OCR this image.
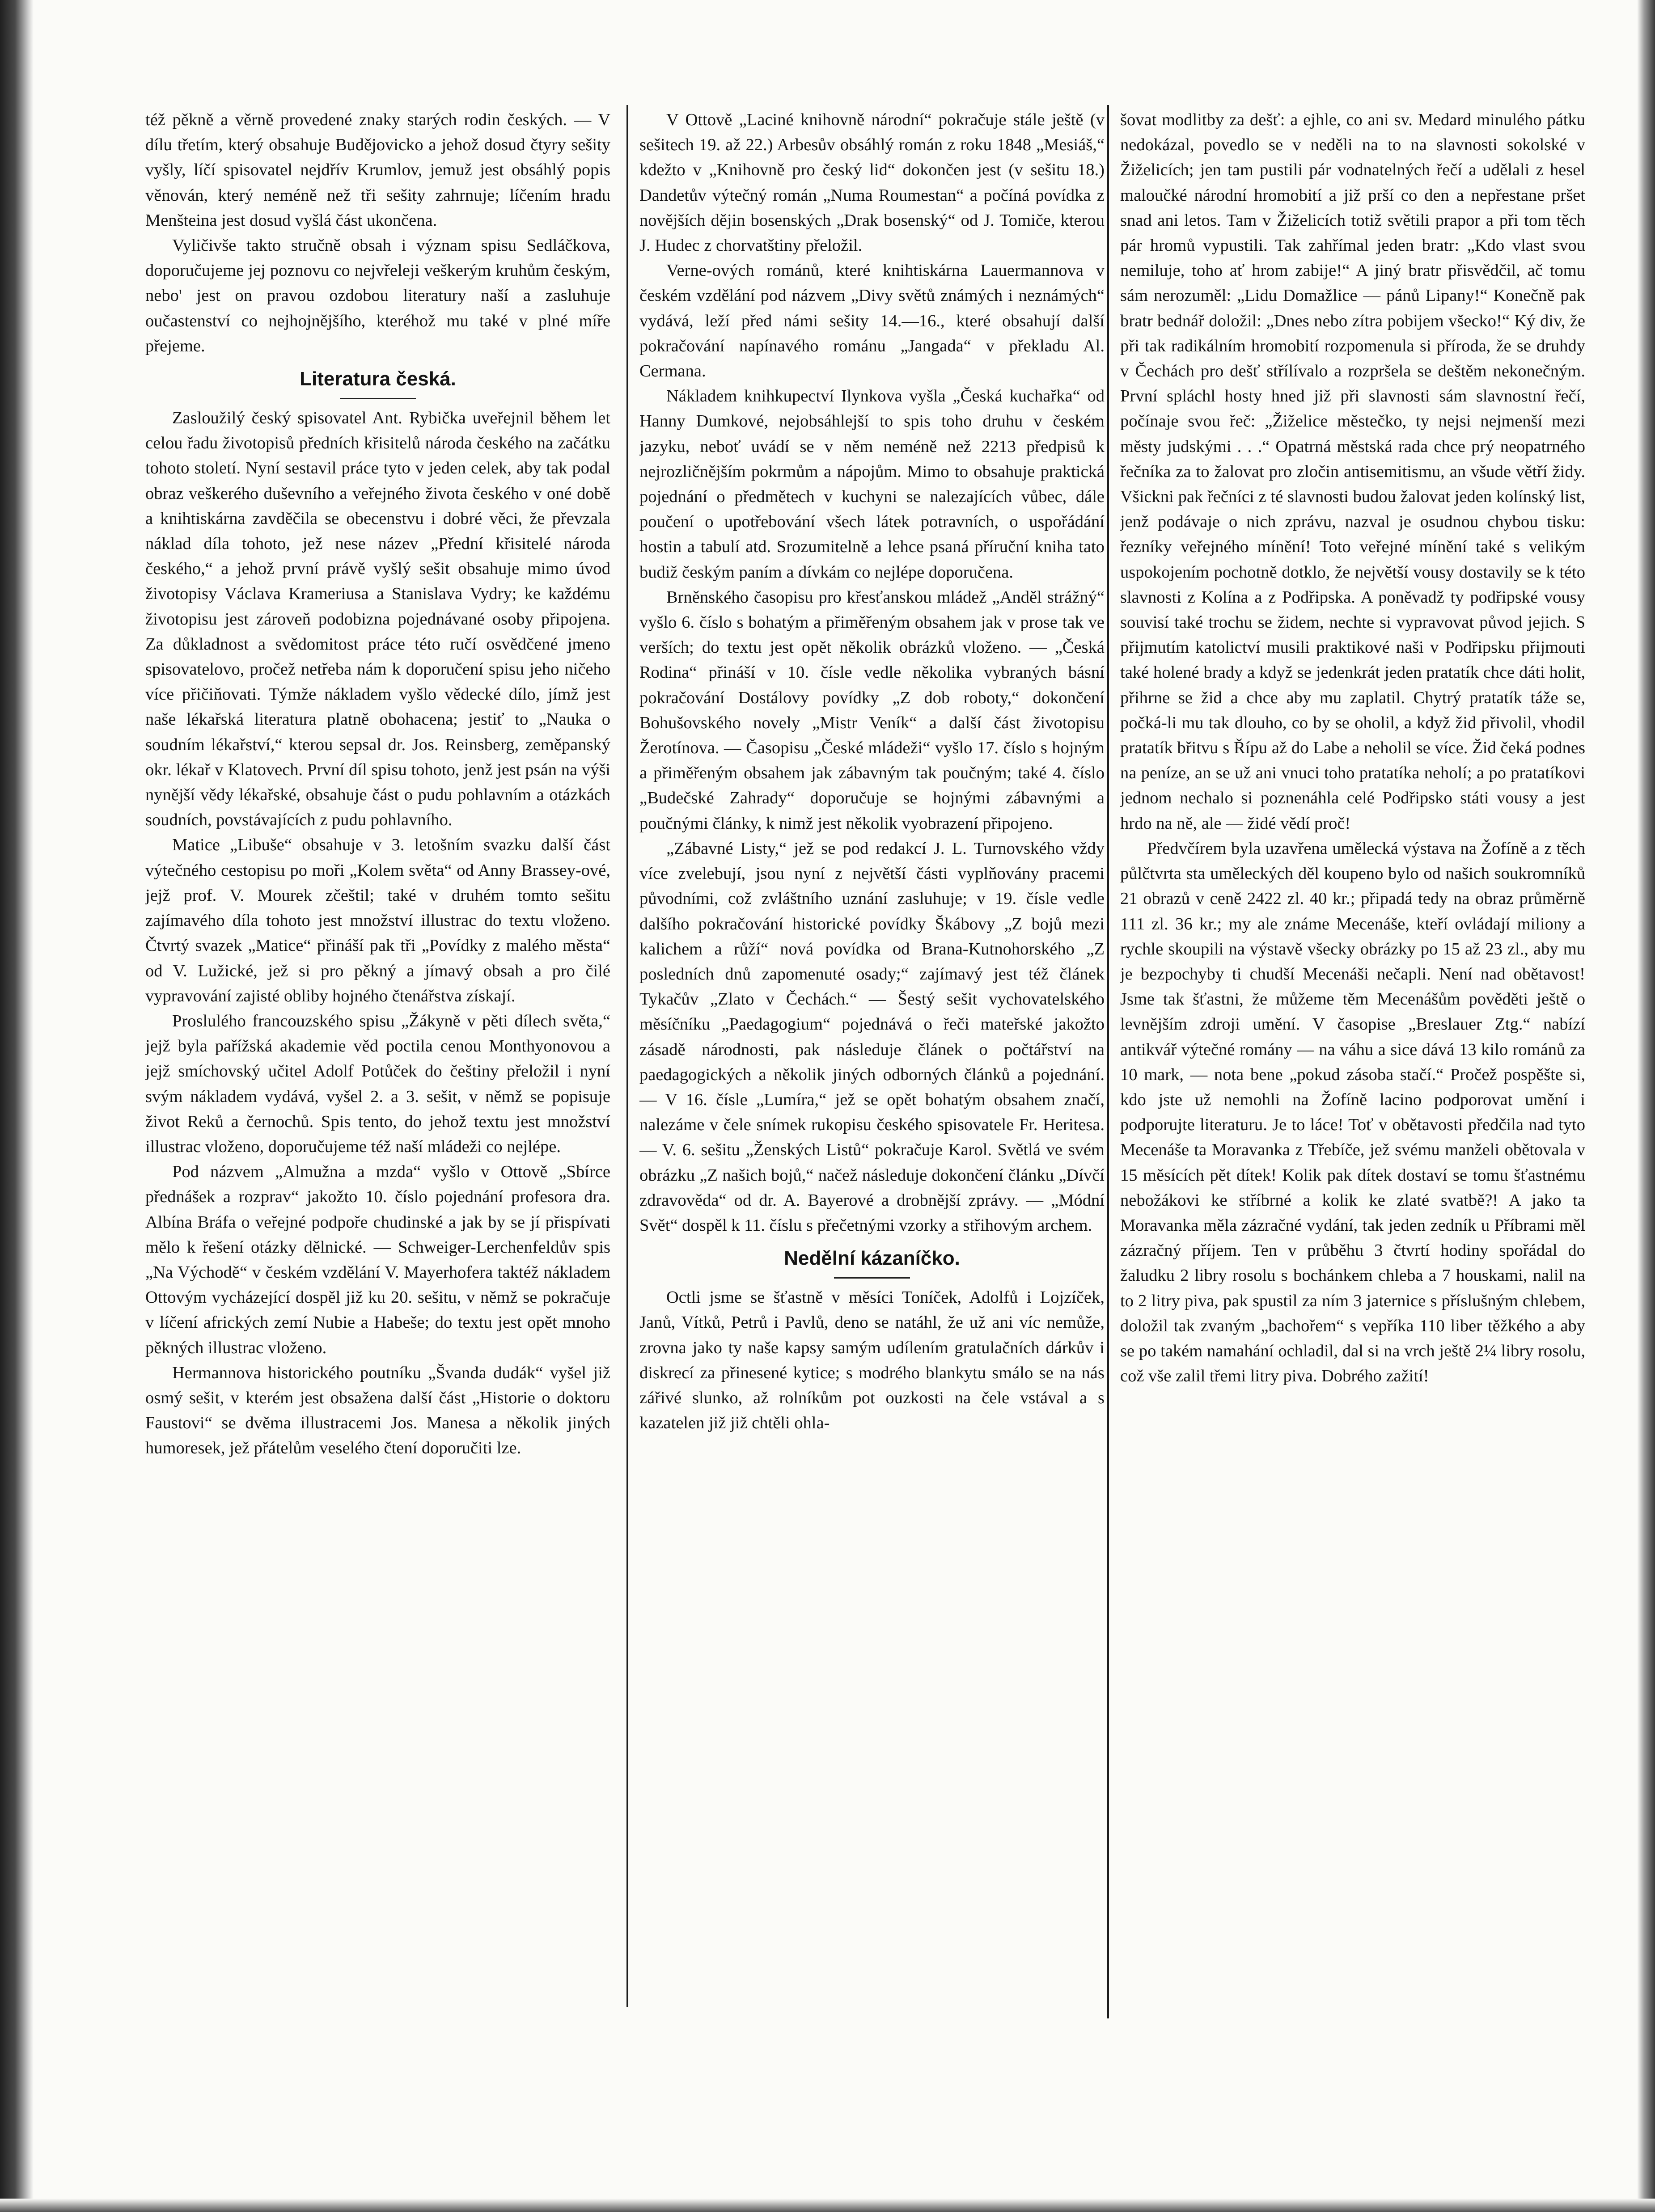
též pěkně a věrně provedené znaky starých rodin českých. — V dílu třetím, který obsahuje Budějovicko a jehož dosud čtyry sešity vyšly, líčí spisovatel nejdřív Krumlov, jemuž jest obsáhlý popis věnován, který neméně než tři sešity zahrnuje; líčením hradu Menšteina jest dosud vyšlá část ukončena.

Vyličivše takto stručně obsah i význam spisu Sedláčkova, doporučujeme jej poznovu co nejvřeleji veškerým kruhům českým, nebo' jest on pravou ozdobou literatury naší a zasluhuje oučastenství co nejhojnějšího, kteréhož mu také v plné míře přejeme.

Literatura česká.

Zasloužilý český spisovatel Ant. Rybička uveřejnil během let celou řadu životopisů předních křisitelů národa českého na začátku tohoto století. Nyní sestavil práce tyto v jeden celek, aby tak podal obraz veškerého duševního a veřejného života českého v oné době a knihtiskárna zavděčila se obecenstvu i dobré věci, že převzala náklad díla tohoto, jež nese název „Přední křisitelé národa českého,“ a jehož první právě vyšlý sešit obsahuje mimo úvod životopisy Václava Krameriusa a Stanislava Vydry; ke každému životopisu jest zároveň podobizna pojednávané osoby připojena. Za důkladnost a svědomitost práce této ručí osvědčené jmeno spisovatelovo, pročež netřeba nám k doporučení spisu jeho ničeho více přičiňovati. Týmže nákladem vyšlo vědecké dílo, jímž jest naše lékařská literatura platně obohacena; jestiť to „Nauka o soudním lékařství,“ kterou sepsal dr. Jos. Reinsberg, zeměpanský okr. lékař v Klatovech. První díl spisu tohoto, jenž jest psán na výši nynější vědy lékařské, obsahuje část o pudu pohlavním a otázkách soudních, povstávajících z pudu pohlavního.

Matice „Libuše“ obsahuje v 3. letošním svazku další část výtečného cestopisu po moři „Kolem světa“ od Anny Brassey-ové, jejž prof. V. Mourek zčeštil; také v druhém tomto sešitu zajímavého díla tohoto jest množství illustrac do textu vloženo. Čtvrtý svazek „Matice“ přináší pak tři „Povídky z malého města“ od V. Lužické, jež si pro pěkný a jímavý obsah a pro čilé vypravování zajisté obliby hojného čtenářstva získají.

Proslulého francouzského spisu „Žákyně v pěti dílech světa,“ jejž byla pařížská akademie věd poctila cenou Monthyonovou a jejž smíchovský učitel Adolf Potůček do češtiny přeložil i nyní svým nákladem vydává, vyšel 2. a 3. sešit, v němž se popisuje život Reků a černochů. Spis tento, do jehož textu jest množství illustrac vloženo, doporučujeme též naší mládeži co nejlépe.

Pod názvem „Almužna a mzda“ vyšlo v Ottově „Sbírce přednášek a rozprav“ jakožto 10. číslo pojednání profesora dra. Albína Bráfa o veřejné podpoře chudinské a jak by se jí přispívati mělo k řešení otázky dělnické. — Schweiger-Lerchenfeldův spis „Na Východě“ v českém vzdělání V. Mayerhofera taktéž nákladem Ottovým vycházející dospěl již ku 20. sešitu, v němž se pokračuje v líčení afrických zemí Nubie a Habeše; do textu jest opět mnoho pěkných illustrac vloženo.

Hermannova historického poutníku „Švanda dudák“ vyšel již osmý sešit, v kterém jest obsažena další část „Historie o doktoru Faustovi“ se dvěma illustracemi Jos. Manesa a několik jiných humoresek, jež přátelům veselého čtení doporučiti lze.

V Ottově „Laciné knihovně národní“ pokračuje stále ještě (v sešitech 19. až 22.) Arbesův obsáhlý román z roku 1848 „Mesiáš,“ kdežto v „Knihovně pro český lid“ dokončen jest (v sešitu 18.) Dandetův výtečný román „Numa Roumestan“ a počíná povídka z novějších dějin bosenských „Drak bosenský“ od J. Tomiče, kterou J. Hudec z chorvatštiny přeložil.

Verne-ových románů, které knihtiskárna Lauermannova v českém vzdělání pod názvem „Divy světů známých i neznámých“ vydává, leží před námi sešity 14.—16., které obsahují další pokračování napínavého románu „Jangada“ v překladu Al. Cermana.

Nákladem knihkupectví Ilynkova vyšla „Česká kuchařka“ od Hanny Dumkové, nejobsáhlejší to spis toho druhu v českém jazyku, neboť uvádí se v něm neméně než 2213 předpisů k nejrozličnějším pokrmům a nápojům. Mimo to obsahuje praktická pojednání o předmětech v kuchyni se nalezajících vůbec, dále poučení o upotřebování všech látek potravních, o uspořádání hostin a tabulí atd. Srozumitelně a lehce psaná příruční kniha tato budiž českým paním a dívkám co nejlépe doporučena.

Brněnského časopisu pro křesťanskou mládež „Anděl strážný“ vyšlo 6. číslo s bohatým a přiměřeným obsahem jak v prose tak ve verších; do textu jest opět několik obrázků vloženo. — „Česká Rodina“ přináší v 10. čísle vedle několika vybraných básní pokračování Dostálovy povídky „Z dob roboty,“ dokončení Bohušovského novely „Mistr Veník“ a další část životopisu Žerotínova. — Časopisu „České mládeži“ vyšlo 17. číslo s hojným a přiměřeným obsahem jak zábavným tak poučným; také 4. číslo „Budečské Zahrady“ doporučuje se hojnými zábavnými a poučnými články, k nimž jest několik vyobrazení připojeno.

„Zábavné Listy,“ jež se pod redakcí J. L. Turnovského vždy více zvelebují, jsou nyní z největší části vyplňovány pracemi původními, což zvláštního uznání zasluhuje; v 19. čísle vedle dalšího pokračování historické povídky Škábovy „Z bojů mezi kalichem a růží“ nová povídka od Brana-Kutnohorského „Z posledních dnů zapomenuté osady;“ zajímavý jest též článek Tykačův „Zlato v Čechách.“ — Šestý sešit vychovatelského měsíčníku „Paedagogium“ pojednává o řeči mateřské jakožto zásadě národnosti, pak následuje článek o počtářství na paedagogických a několik jiných odborných článků a pojednání. — V 16. čísle „Lumíra,“ jež se opět bohatým obsahem značí, nalezáme v čele snímek rukopisu českého spisovatele Fr. Heritesa. — V. 6. sešitu „Ženských Listů“ pokračuje Karol. Světlá ve svém obrázku „Z našich bojů,“ načež následuje dokončení článku „Dívčí zdravověda“ od dr. A. Bayerové a drobnější zprávy. — „Módní Svět“ dospěl k 11. číslu s přečetnými vzorky a střihovým archem.

Nedělní kázaníčko.

Octli jsme se šťastně v měsíci Toníček, Adolfů i Lojzíček, Janů, Vítků, Petrů i Pavlů, deno se natáhl, že už ani víc nemůže, zrovna jako ty naše kapsy samým udílením gratulačních dárkův i diskrecí za přinesené kytice; s modrého blankytu smálo se na nás zářivé slunko, až rolníkům pot ouzkosti na čele vstával a s kazatelen již již chtěli ohla-

šovat modlitby za dešť: a ejhle, co ani sv. Medard minulého pátku nedokázal, povedlo se v neděli na to na slavnosti sokolské v Žiželicích; jen tam pustili pár vodnatelných řečí a udělali z hesel maloučké národní hromobití a již prší co den a nepřestane pršet snad ani letos. Tam v Žiželicích totiž světili prapor a při tom těch pár hromů vypustili. Tak zahřímal jeden bratr: „Kdo vlast svou nemiluje, toho ať hrom zabije!“ A jiný bratr přisvědčil, ač tomu sám nerozuměl: „Lidu Domažlice — pánů Lipany!“ Konečně pak bratr bednář doložil: „Dnes nebo zítra pobijem všecko!“ Ký div, že při tak radikálním hromobití rozpomenula si příroda, že se druhdy v Čechách pro dešť střílívalo a rozpršela se deštěm nekonečným. První spláchl hosty hned již při slavnosti sám slavnostní řečí, počínaje svou řeč: „Žiželice městečko, ty nejsi nejmenší mezi městy judskými . . .“ Opatrná městská rada chce prý neopatrného řečníka za to žalovat pro zločin antisemitismu, an všude větří židy. Všickni pak řečníci z té slavnosti budou žalovat jeden kolínský list, jenž podávaje o nich zprávu, nazval je osudnou chybou tisku: řezníky veřejného mínění! Toto veřejné mínění také s velikým uspokojením pochotně dotklo, že největší vousy dostavily se k této slavnosti z Kolína a z Podřipska. A poněvadž ty podřipské vousy souvisí také trochu se židem, nechte si vypravovat původ jejich. S přijmutím katolictví musili praktikové naši v Podřipsku přijmouti také holené brady a když se jedenkrát jeden pratatík chce dáti holit, přihrne se žid a chce aby mu zaplatil. Chytrý pratatík táže se, počká-li mu tak dlouho, co by se oholil, a když žid přivolil, vhodil pratatík břitvu s Řípu až do Labe a neholil se více. Žid čeká podnes na peníze, an se už ani vnuci toho pratatíka neholí; a po pratatíkovi jednom nechalo si poznenáhla celé Podřipsko státi vousy a jest hrdo na ně, ale — židé vědí proč!

Předvčírem byla uzavřena umělecká výstava na Žofíně a z těch půlčtvrta sta uměleckých děl koupeno bylo od našich soukromníků 21 obrazů v ceně 2422 zl. 40 kr.; připadá tedy na obraz průměrně 111 zl. 36 kr.; my ale známe Mecenáše, kteří ovládají miliony a rychle skoupili na výstavě všecky obrázky po 15 až 23 zl., aby mu je bezpochyby ti chudší Mecenáši nečapli. Není nad obětavost! Jsme tak šťastni, že můžeme těm Mecenášům pověděti ještě o levnějším zdroji umění. V časopise „Breslauer Ztg.“ nabízí antikvář výtečné romány — na váhu a sice dává 13 kilo románů za 10 mark, — nota bene „pokud zásoba stačí.“ Pročež pospěšte si, kdo jste už nemohli na Žofíně lacino podporovat umění i podporujte literaturu. Je to láce! Toť v obětavosti předčila nad tyto Mecenáše ta Moravanka z Třebíče, jež svému manželi obětovala v 15 měsících pět dítek! Kolik pak dítek dostaví se tomu šťastnému nebožákovi ke stříbrné a kolik ke zlaté svatbě?! A jako ta Moravanka měla zázračné vydání, tak jeden zedník u Příbrami měl zázračný příjem. Ten v průběhu 3 čtvrtí hodiny spořádal do žaludku 2 libry rosolu s bochánkem chleba a 7 houskami, nalil na to 2 litry piva, pak spustil za ním 3 jaternice s příslušným chlebem, doložil tak zvaným „bachořem“ s vepříka 110 liber těžkého a aby se po takém namahání ochladil, dal si na vrch ještě 2¼ libry rosolu, což vše zalil třemi litry piva. Dobrého zažití!
